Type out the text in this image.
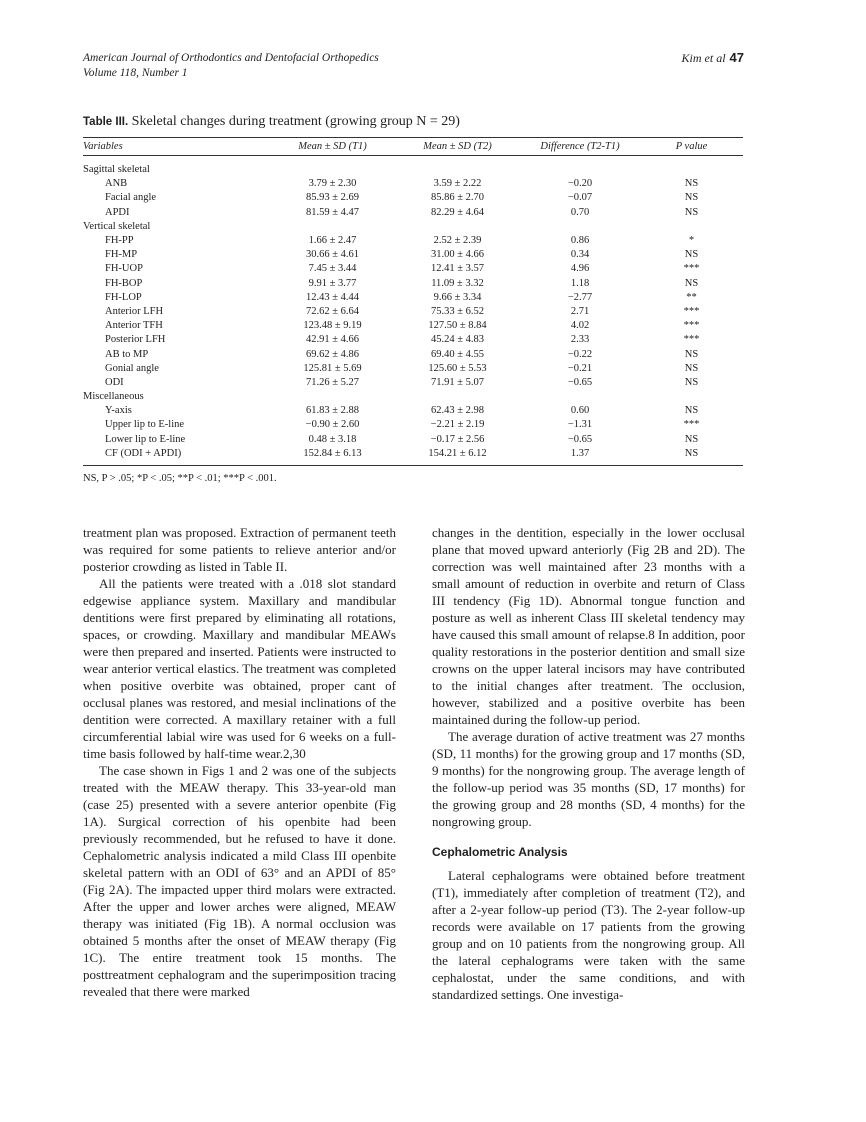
American Journal of Orthodontics and Dentofacial Orthopedics
Volume 118, Number 1
Kim et al 47
Table III. Skeletal changes during treatment (growing group N = 29)
Variables	Mean ± SD (T1)	Mean ± SD (T2)	Difference (T2-T1)	P value
Sagittal skeletal				
ANB	3.79 ± 2.30	3.59 ± 2.22	−0.20	NS
Facial angle	85.93 ± 2.69	85.86 ± 2.70	−0.07	NS
APDI	81.59 ± 4.47	82.29 ± 4.64	0.70	NS
Vertical skeletal				
FH-PP	1.66 ± 2.47	2.52 ± 2.39	0.86	*
FH-MP	30.66 ± 4.61	31.00 ± 4.66	0.34	NS
FH-UOP	7.45 ± 3.44	12.41 ± 3.57	4.96	***
FH-BOP	9.91 ± 3.77	11.09 ± 3.32	1.18	NS
FH-LOP	12.43 ± 4.44	9.66 ± 3.34	−2.77	**
Anterior LFH	72.62 ± 6.64	75.33 ± 6.52	2.71	***
Anterior TFH	123.48 ± 9.19	127.50 ± 8.84	4.02	***
Posterior LFH	42.91 ± 4.66	45.24 ± 4.83	2.33	***
AB to MP	69.62 ± 4.86	69.40 ± 4.55	−0.22	NS
Gonial angle	125.81 ± 5.69	125.60 ± 5.53	−0.21	NS
ODI	71.26 ± 5.27	71.91 ± 5.07	−0.65	NS
Miscellaneous				
Y-axis	61.83 ± 2.88	62.43 ± 2.98	0.60	NS
Upper lip to E-line	−0.90 ± 2.60	−2.21 ± 2.19	−1.31	***
Lower lip to E-line	0.48 ± 3.18	−0.17 ± 2.56	−0.65	NS
CF (ODI + APDI)	152.84 ± 6.13	154.21 ± 6.12	1.37	NS
NS, P > .05; *P < .05; **P < .01; ***P < .001.

treatment plan was proposed. Extraction of permanent teeth was required for some patients to relieve anterior and/or posterior crowding as listed in Table II.

All the patients were treated with a .018 slot standard edgewise appliance system. Maxillary and mandibular dentitions were first prepared by eliminating all rotations, spaces, or crowding. Maxillary and mandibular MEAWs were then prepared and inserted. Patients were instructed to wear anterior vertical elastics. The treatment was completed when positive overbite was obtained, proper cant of occlusal planes was restored, and mesial inclinations of the dentition were corrected. A maxillary retainer with a full circumferential labial wire was used for 6 weeks on a full-time basis followed by half-time wear.2,30

The case shown in Figs 1 and 2 was one of the subjects treated with the MEAW therapy. This 33-year-old man (case 25) presented with a severe anterior openbite (Fig 1A). Surgical correction of his openbite had been previously recommended, but he refused to have it done. Cephalometric analysis indicated a mild Class III openbite skeletal pattern with an ODI of 63° and an APDI of 85° (Fig 2A). The impacted upper third molars were extracted. After the upper and lower arches were aligned, MEAW therapy was initiated (Fig 1B). A normal occlusion was obtained 5 months after the onset of MEAW therapy (Fig 1C). The entire treatment took 15 months. The posttreatment cephalogram and the superimposition tracing revealed that there were marked

changes in the dentition, especially in the lower occlusal plane that moved upward anteriorly (Fig 2B and 2D). The correction was well maintained after 23 months with a small amount of reduction in overbite and return of Class III tendency (Fig 1D). Abnormal tongue function and posture as well as inherent Class III skeletal tendency may have caused this small amount of relapse.8 In addition, poor quality restorations in the posterior dentition and small size crowns on the upper lateral incisors may have contributed to the initial changes after treatment. The occlusion, however, stabilized and a positive overbite has been maintained during the follow-up period.

The average duration of active treatment was 27 months (SD, 11 months) for the growing group and 17 months (SD, 9 months) for the nongrowing group. The average length of the follow-up period was 35 months (SD, 17 months) for the growing group and 28 months (SD, 4 months) for the nongrowing group.

Cephalometric Analysis

Lateral cephalograms were obtained before treatment (T1), immediately after completion of treatment (T2), and after a 2-year follow-up period (T3). The 2-year follow-up records were available on 17 patients from the growing group and on 10 patients from the nongrowing group. All the lateral cephalograms were taken with the same cephalostat, under the same conditions, and with standardized settings. One investiga-
